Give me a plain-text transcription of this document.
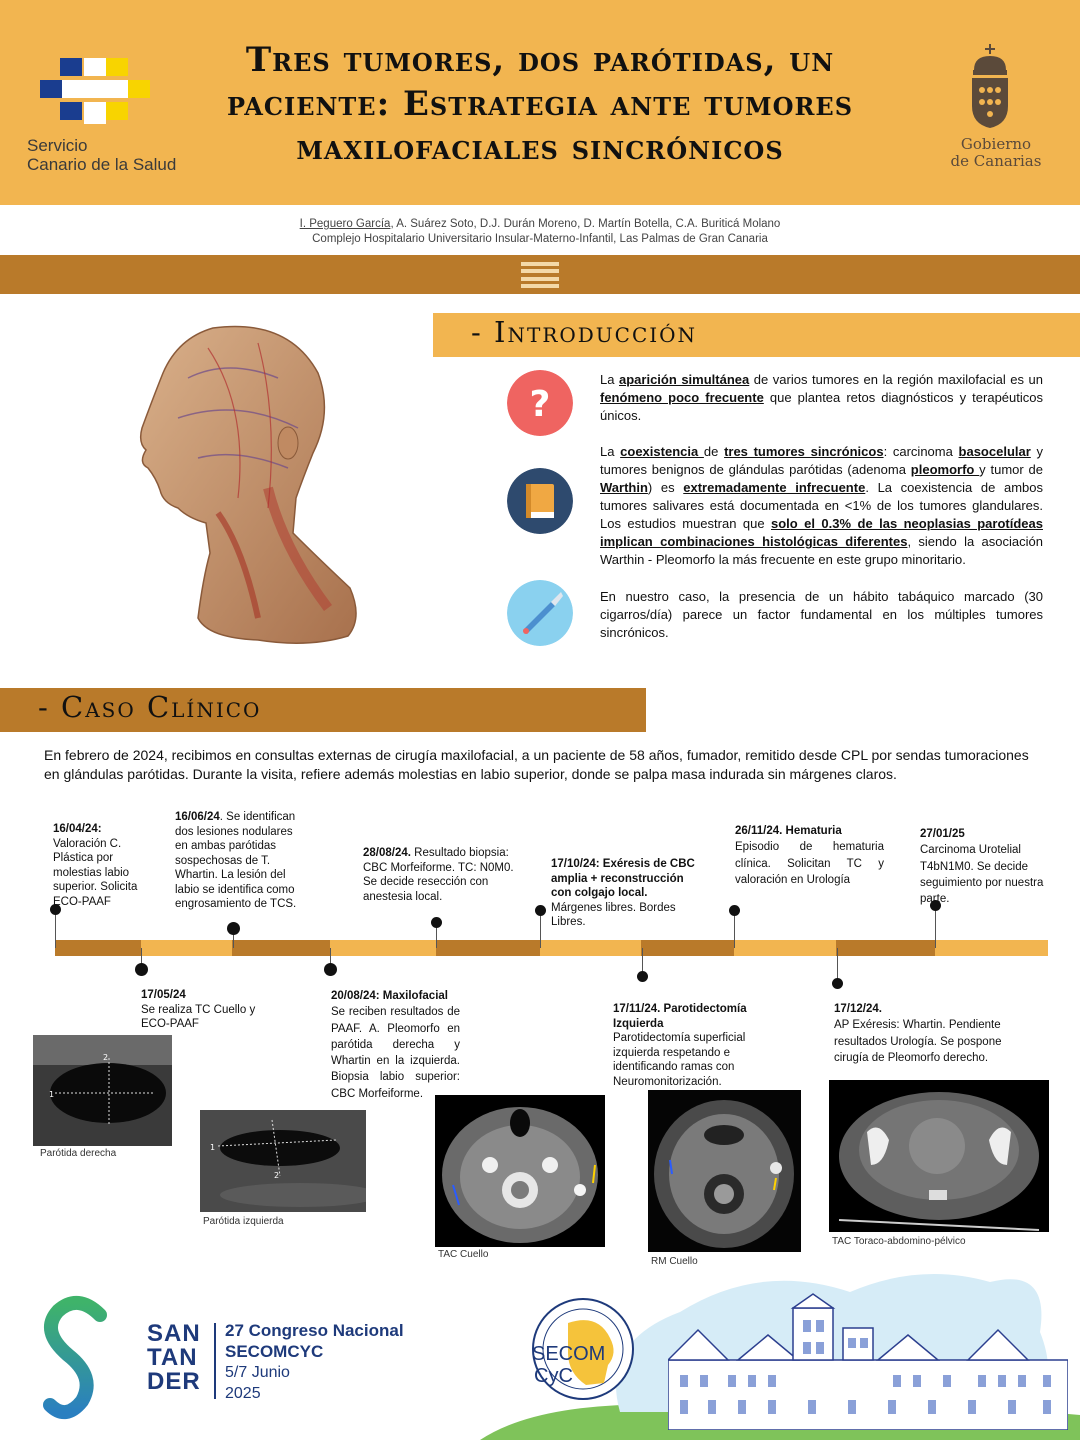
Servicio
Canario de la Salud
Tres tumores, dos parótidas, un paciente: Estrategia ante tumores maxilofaciales sincrónicos	Gobierno
de Canarias
I. Peguero García, A. Suárez Soto, D.J. Durán Moreno, D. Martín Botella, C.A. Buriticá Molano
Complejo Hospitalario Universitario Insular-Materno-Infantil, Las Palmas de Gran Canaria
- Introducción
?
La aparición simultánea de varios tumores en la región maxilofacial es un fenómeno poco frecuente que plantea retos diagnósticos y terapéuticos únicos.
La coexistencia de tres tumores sincrónicos: carcinoma basocelular y tumores benignos de glándulas parótidas (adenoma pleomorfo y tumor de Warthin) es extremadamente infrecuente. La coexistencia de ambos tumores salivares está documentada en <1% de los tumores glandulares. Los estudios muestran que solo el 0.3% de las neoplasias parotídeas implican combinaciones histológicas diferentes, siendo la asociación Warthin - Pleomorfo la más frecuente en este grupo minoritario.
En nuestro caso, la presencia de un hábito tabáquico marcado (30 cigarros/día) parece un factor fundamental en los múltiples tumores sincrónicos.
- Caso Clínico
En febrero de 2024, recibimos en consultas externas de cirugía maxilofacial, a un paciente de 58 años, fumador, remitido desde CPL por sendas tumoraciones en glándulas parótidas. Durante la visita, refiere además molestias en labio superior, donde se palpa masa indurada sin márgenes claros.
16/04/24:
Valoración C. Plástica por molestias labio superior. Solicita ECO-PAAF
17/05/24
Se realiza TC Cuello y ECO-PAAF
16/06/24. Se identifican dos lesiones nodulares en ambas parótidas sospechosas de T. Whartin. La lesión del labio se identifica como engrosamiento de TCS.
20/08/24: Maxilofacial
Se reciben resultados de PAAF. A. Pleomorfo en parótida derecha y Whartin en la izquierda. Biopsia labio superior: CBC Morfeiforme.
28/08/24. Resultado biopsia: CBC Morfeiforme. TC: N0M0. Se decide resección con anestesia local.
17/10/24: Exéresis de CBC amplia + reconstrucción con colgajo local.
Márgenes libres. Bordes Libres.
17/11/24. Parotidectomía Izquierda
Parotidectomía superficial izquierda respetando e identificando ramas con Neuromonitorización.
26/11/24. Hematuria
Episodio de hematuria clínica. Solicitan TC y valoración en Urología
17/12/24.
AP Exéresis: Whartin. Pendiente resultados Urología. Se pospone cirugía de Pleomorfo derecho.
27/01/25
Carcinoma Urotelial T4bN1M0. Se decide seguimiento por nuestra parte.
1
2
Parótida derecha
1
2
Parótida izquierda
TAC Cuello
RM Cuello
TAC Toraco-abdomino-pélvico
SAN
TAN
DER
27 Congreso Nacional
SECOMCYC
5/7 Junio
2025
SECOM
CyC
